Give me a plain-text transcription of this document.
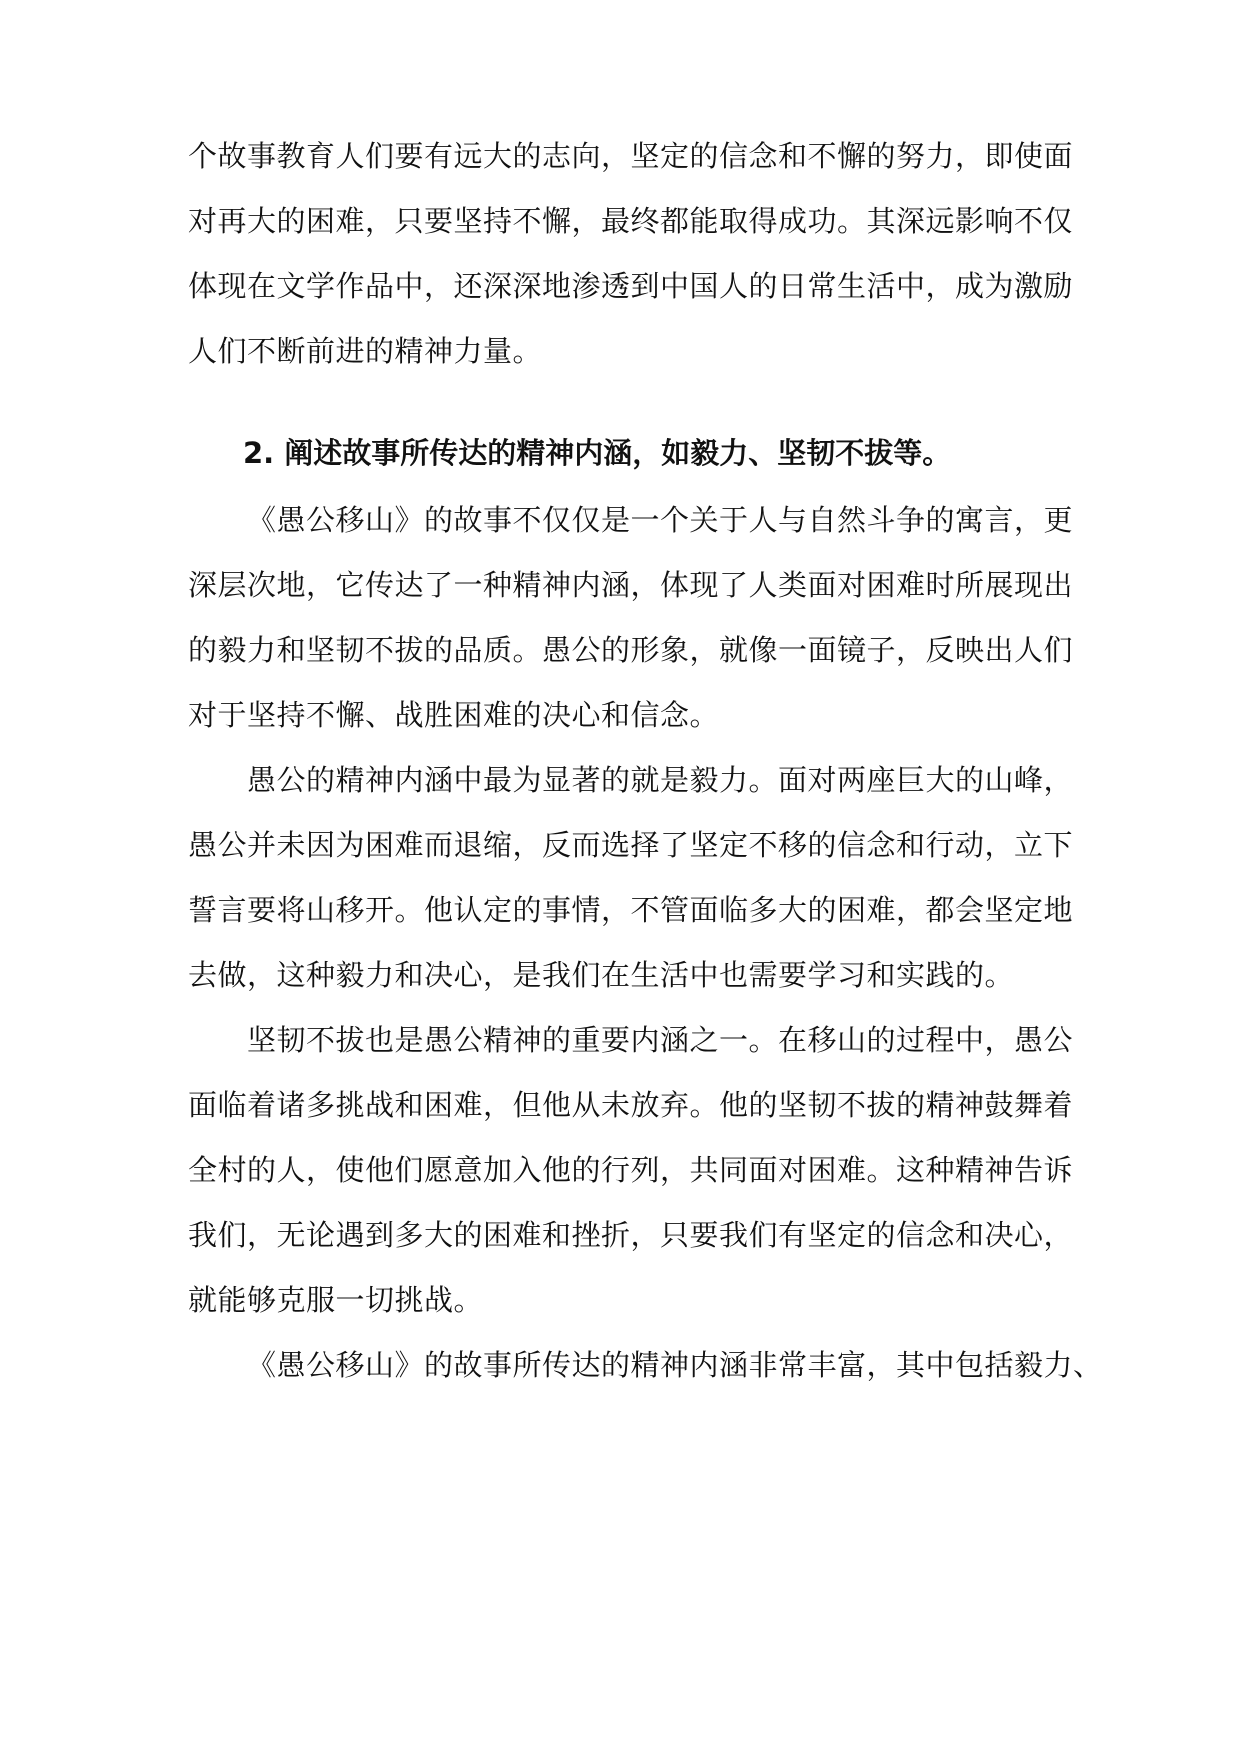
个故事教育人们要有远大的志向，坚定的信念和不懈的努力，即使面
对再大的困难，只要坚持不懈，最终都能取得成功。其深远影响不仅
体现在文学作品中，还深深地渗透到中国人的日常生活中，成为激励
人们不断前进的精神力量。
2. 阐述故事所传达的精神内涵，如毅力、坚韧不拔等。
《愚公移山》的故事不仅仅是一个关于人与自然斗争的寓言，更
深层次地，它传达了一种精神内涵，体现了人类面对困难时所展现出
的毅力和坚韧不拔的品质。愚公的形象，就像一面镜子，反映出人们
对于坚持不懈、战胜困难的决心和信念。
愚公的精神内涵中最为显著的就是毅力。面对两座巨大的山峰，
愚公并未因为困难而退缩，反而选择了坚定不移的信念和行动，立下
誓言要将山移开。他认定的事情，不管面临多大的困难，都会坚定地
去做，这种毅力和决心，是我们在生活中也需要学习和实践的。
坚韧不拔也是愚公精神的重要内涵之一。在移山的过程中，愚公
面临着诸多挑战和困难，但他从未放弃。他的坚韧不拔的精神鼓舞着
全村的人，使他们愿意加入他的行列，共同面对困难。这种精神告诉
我们，无论遇到多大的困难和挫折，只要我们有坚定的信念和决心，
就能够克服一切挑战。
《愚公移山》的故事所传达的精神内涵非常丰富，其中包括毅力、
